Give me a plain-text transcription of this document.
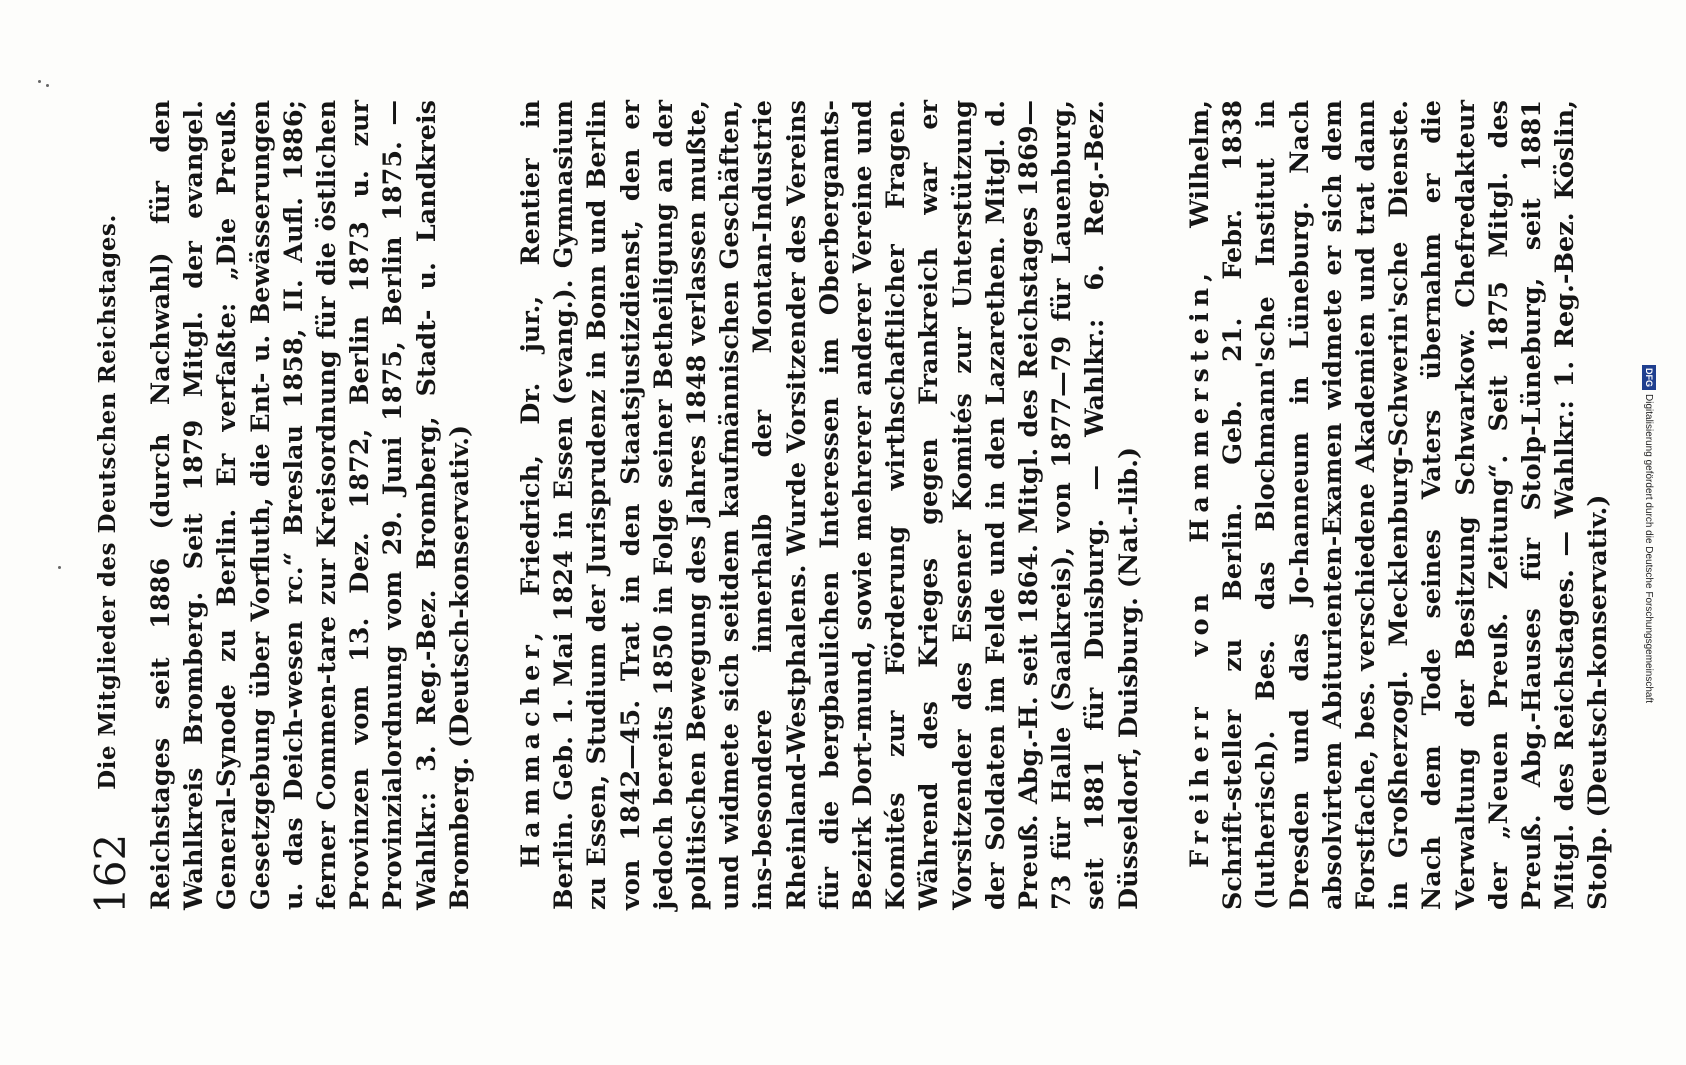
162
Die Mitglieder des Deutschen Reichstages. Reichstages seit 1886 (durch Nachwahl) für den Wahlkreis Bromberg. Seit 1879 Mitgl. der evangel. General-Synode zu Berlin. Er verfaßte: „Die Preuß. Gesetzgebung über Vorfluth, die Ent- u. Bewässerungen u. das Deich-wesen rc.“ Breslau 1858, II. Aufl. 1886; ferner Commen-tare zur Kreisordnung für die östlichen Provinzen vom 13. Dez. 1872, Berlin 1873 u. zur Provinzialordnung vom 29. Juni 1875, Berlin 1875. — Wahlkr.: 3. Reg.-Bez. Bromberg, Stadt- u. Landkreis Bromberg. (Deutsch-konservativ.) Hammacher, Friedrich, Dr. jur., Rentier in Berlin. Geb. 1. Mai 1824 in Essen (evang.). Gymnasium zu Essen, Studium der Jurisprudenz in Bonn und Berlin von 1842—45. Trat in den Staatsjustizdienst, den er jedoch bereits 1850 in Folge seiner Betheiligung an der politischen Bewegung des Jahres 1848 verlassen mußte, und widmete sich seitdem kaufmännischen Geschäften, ins-besondere innerhalb der Montan-Industrie Rheinland-Westphalens. Wurde Vorsitzender des Vereins für die bergbaulichen Interessen im Oberbergamts-Bezirk Dort-mund, sowie mehrerer anderer Vereine und Komités zur Förderung wirthschaftlicher Fragen. Während des Krieges gegen Frankreich war er Vorsitzender des Essener Komités zur Unterstützung der Soldaten im Felde und in den Lazarethen. Mitgl. d. Preuß. Abg.-H. seit 1864. Mitgl. des Reichstages 1869—73 für Halle (Saalkreis), von 1877—79 für Lauenburg, seit 1881 für Duisburg. — Wahlkr.: 6. Reg.-Bez. Düsseldorf, Duisburg. (Nat.-lib.) Freiherr von Hammerstein, Wilhelm, Schrift-steller zu Berlin. Geb. 21. Febr. 1838 (lutherisch). Bes. das Blochmann'sche Institut in Dresden und das Jo-hanneum in Lüneburg. Nach absolvirtem Abiturienten-Examen widmete er sich dem Forstfache, bes. verschiedene Akademien und trat dann in Großherzogl. Mecklenburg-Schwerin'sche Dienste. Nach dem Tode seines Vaters übernahm er die Verwaltung der Besitzung Schwarkow. Chefredakteur der „Neuen Preuß. Zeitung“. Seit 1875 Mitgl. des Preuß. Abg.-Hauses für Stolp-Lüneburg, seit 1881 Mitgl. des Reichstages. — Wahlkr.: 1. Reg.-Bez. Köslin, Stolp. (Deutsch-konservativ.)

DFGDigitalisierung gefördert durch die Deutsche Forschungsgemeinschaft
